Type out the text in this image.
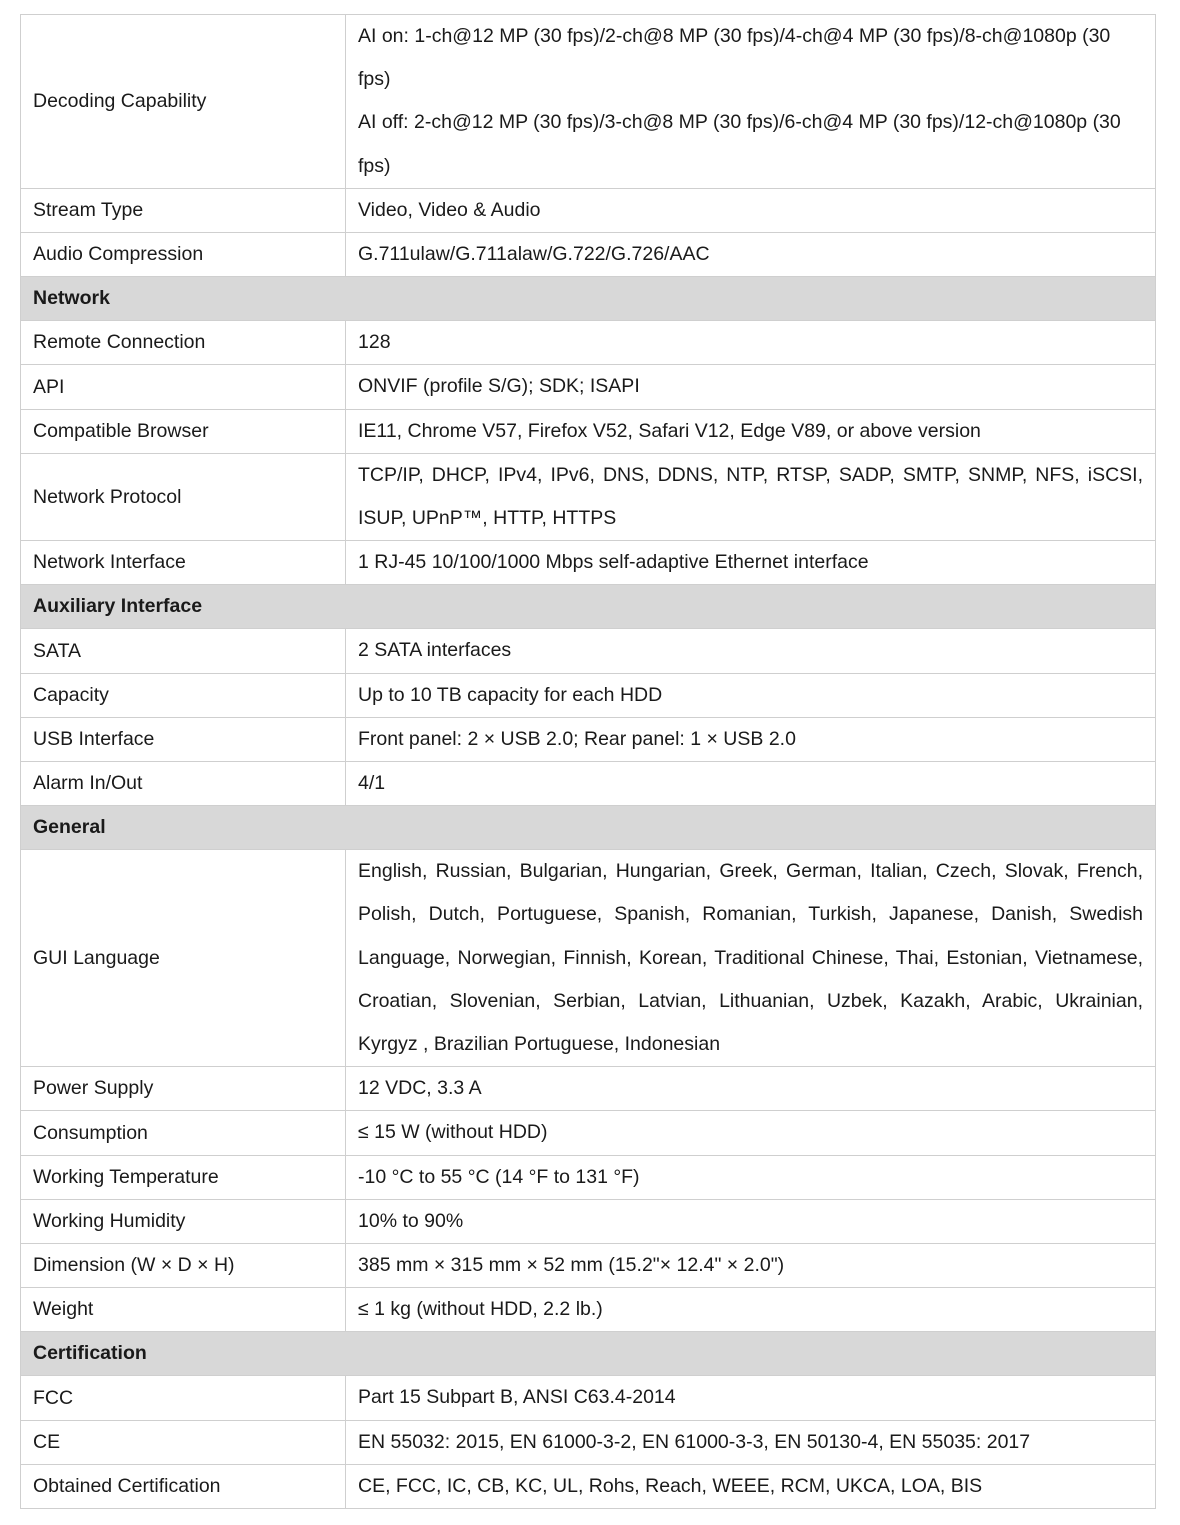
Decoding Capability	AI on: 1-ch@12 MP (30 fps)/2-ch@8 MP (30 fps)/4-ch@4 MP (30 fps)/8-ch@1080p (30 fps)
AI off: 2-ch@12 MP (30 fps)/3-ch@8 MP (30 fps)/6-ch@4 MP (30 fps)/12-ch@1080p (30 fps)

Stream Type	Video, Video & Audio

Audio Compression	G.711ulaw/G.711alaw/G.722/G.726/AAC

Network	
Remote Connection	128

API	ONVIF (profile S/G); SDK; ISAPI

Compatible Browser	IE11, Chrome V57, Firefox V52, Safari V12, Edge V89, or above version

Network Protocol	TCP/IP, DHCP, IPv4, IPv6, DNS, DDNS, NTP, RTSP, SADP, SMTP, SNMP, NFS, iSCSI, ISUP, UPnP™, HTTP, HTTPS

Network Interface	1 RJ-45 10/100/1000 Mbps self-adaptive Ethernet interface

Auxiliary Interface	
SATA	2 SATA interfaces

Capacity	Up to 10 TB capacity for each HDD

USB Interface	Front panel: 2 × USB 2.0; Rear panel: 1 × USB 2.0

Alarm In/Out	4/1

General	
GUI Language	English, Russian, Bulgarian, Hungarian, Greek, German, Italian, Czech, Slovak, French, Polish, Dutch, Portuguese, Spanish, Romanian, Turkish, Japanese, Danish, Swedish Language, Norwegian, Finnish, Korean, Traditional Chinese, Thai, Estonian, Vietnamese, Croatian, Slovenian, Serbian, Latvian, Lithuanian, Uzbek, Kazakh, Arabic, Ukrainian, Kyrgyz , Brazilian Portuguese, Indonesian

Power Supply	12 VDC, 3.3 A

Consumption	≤ 15 W (without HDD)

Working Temperature	-10 °C to 55 °C (14 °F to 131 °F)

Working Humidity	10% to 90%

Dimension (W × D × H)	385 mm × 315 mm × 52 mm (15.2"× 12.4" × 2.0")

Weight	≤ 1 kg (without HDD, 2.2 lb.)

Certification	
FCC	Part 15 Subpart B, ANSI C63.4-2014

CE	EN 55032: 2015, EN 61000-3-2, EN 61000-3-3, EN 50130-4, EN 55035: 2017

Obtained Certification	CE, FCC, IC, CB, KC, UL, Rohs, Reach, WEEE, RCM, UKCA, LOA, BIS
